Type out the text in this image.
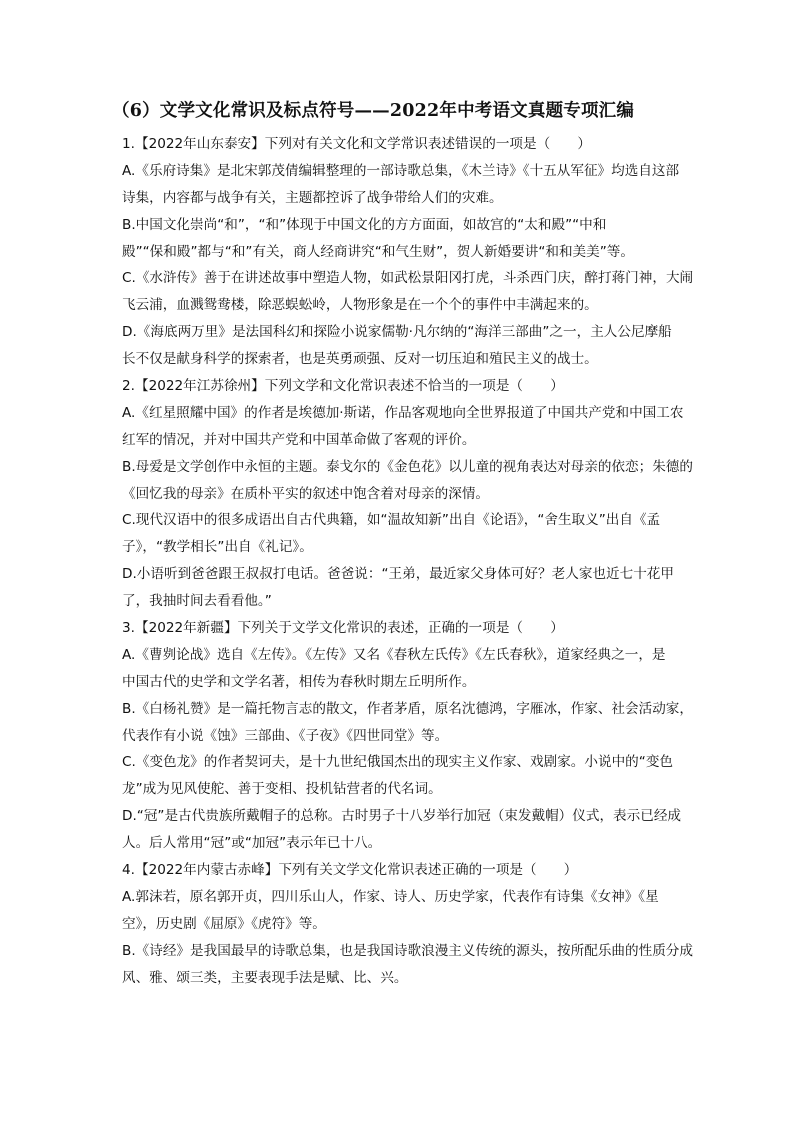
（6）文学文化常识及标点符号——2022年中考语文真题专项汇编
1.【2022年山东泰安】下列对有关文化和文学常识表述错误的一项是（　　）
A.《乐府诗集》是北宋郭茂倩编辑整理的一部诗歌总集，《木兰诗》《十五从军征》均选自这部
诗集，内容都与战争有关，主题都控诉了战争带给人们的灾难。
B.中国文化崇尚“和”，“和”体现于中国文化的方方面面，如故宫的“太和殿”“中和
殿”“保和殿”都与“和”有关，商人经商讲究“和气生财”，贺人新婚要讲“和和美美”等。
C.《水浒传》善于在讲述故事中塑造人物，如武松景阳冈打虎，斗杀西门庆，醉打蒋门神，大闹
飞云浦，血溅鸳鸯楼，除恶蜈蚣岭，人物形象是在一个个的事件中丰满起来的。
D.《海底两万里》是法国科幻和探险小说家儒勒·凡尔纳的“海洋三部曲”之一，主人公尼摩船
长不仅是献身科学的探索者，也是英勇顽强、反对一切压迫和殖民主义的战士。
2.【2022年江苏徐州】下列文学和文化常识表述不恰当的一项是（　　）
A.《红星照耀中国》的作者是埃德加·斯诺，作品客观地向全世界报道了中国共产党和中国工农
红军的情况，并对中国共产党和中国革命做了客观的评价。
B.母爱是文学创作中永恒的主题。泰戈尔的《金色花》以儿童的视角表达对母亲的依恋；朱德的
《回忆我的母亲》在质朴平实的叙述中饱含着对母亲的深情。
C.现代汉语中的很多成语出自古代典籍，如“温故知新”出自《论语》，“舍生取义”出自《孟
子》，“教学相长”出自《礼记》。
D.小语听到爸爸跟王叔叔打电话。爸爸说：“王弟，最近家父身体可好？老人家也近七十花甲
了，我抽时间去看看他。”
3.【2022年新疆】下列关于文学文化常识的表述，正确的一项是（　　）
A.《曹刿论战》选自《左传》。《左传》又名《春秋左氏传》《左氏春秋》，道家经典之一，是
中国古代的史学和文学名著，相传为春秋时期左丘明所作。
B.《白杨礼赞》是一篇托物言志的散文，作者茅盾，原名沈德鸿，字雁冰，作家、社会活动家，
代表作有小说《蚀》三部曲、《子夜》《四世同堂》等。
C.《变色龙》的作者契诃夫，是十九世纪俄国杰出的现实主义作家、戏剧家。小说中的“变色
龙”成为见风使舵、善于变相、投机钻营者的代名词。
D.“冠”是古代贵族所戴帽子的总称。古时男子十八岁举行加冠（束发戴帽）仪式，表示已经成
人。后人常用“冠”或“加冠”表示年已十八。
4.【2022年内蒙古赤峰】下列有关文学文化常识表述正确的一项是（　　）
A.郭沫若，原名郭开贞，四川乐山人，作家、诗人、历史学家，代表作有诗集《女神》《星
空》，历史剧《屈原》《虎符》等。
B.《诗经》是我国最早的诗歌总集，也是我国诗歌浪漫主义传统的源头，按所配乐曲的性质分成
风、雅、颂三类，主要表现手法是赋、比、兴。
